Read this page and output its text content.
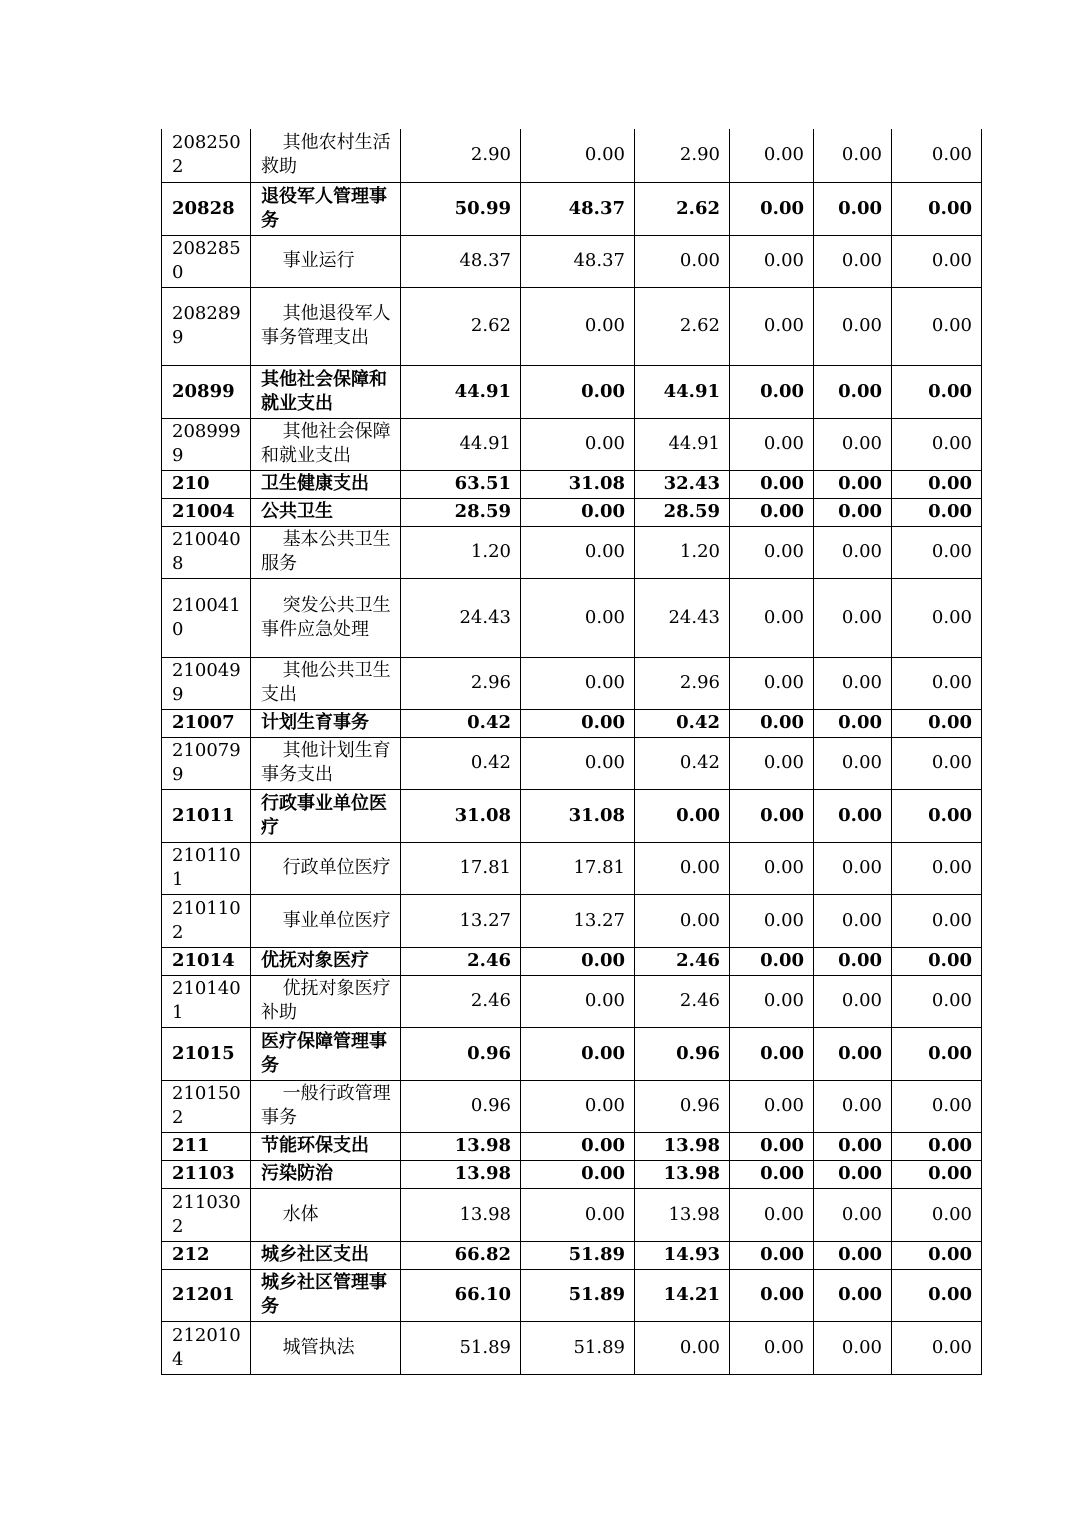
2082502	其他农村生活救助	2.90	0.00	2.90	0.00	0.00	0.00
20828	退役军人管理事务	50.99	48.37	2.62	0.00	0.00	0.00
2082850	事业运行	48.37	48.37	0.00	0.00	0.00	0.00
2082899	其他退役军人事务管理支出	2.62	0.00	2.62	0.00	0.00	0.00
20899	其他社会保障和就业支出	44.91	0.00	44.91	0.00	0.00	0.00
2089999	其他社会保障和就业支出	44.91	0.00	44.91	0.00	0.00	0.00
210	卫生健康支出	63.51	31.08	32.43	0.00	0.00	0.00
21004	公共卫生	28.59	0.00	28.59	0.00	0.00	0.00
2100408	基本公共卫生服务	1.20	0.00	1.20	0.00	0.00	0.00
2100410	突发公共卫生事件应急处理	24.43	0.00	24.43	0.00	0.00	0.00
2100499	其他公共卫生支出	2.96	0.00	2.96	0.00	0.00	0.00
21007	计划生育事务	0.42	0.00	0.42	0.00	0.00	0.00
2100799	其他计划生育事务支出	0.42	0.00	0.42	0.00	0.00	0.00
21011	行政事业单位医疗	31.08	31.08	0.00	0.00	0.00	0.00
2101101	行政单位医疗	17.81	17.81	0.00	0.00	0.00	0.00
2101102	事业单位医疗	13.27	13.27	0.00	0.00	0.00	0.00
21014	优抚对象医疗	2.46	0.00	2.46	0.00	0.00	0.00
2101401	优抚对象医疗补助	2.46	0.00	2.46	0.00	0.00	0.00
21015	医疗保障管理事务	0.96	0.00	0.96	0.00	0.00	0.00
2101502	一般行政管理事务	0.96	0.00	0.96	0.00	0.00	0.00
211	节能环保支出	13.98	0.00	13.98	0.00	0.00	0.00
21103	污染防治	13.98	0.00	13.98	0.00	0.00	0.00
2110302	水体	13.98	0.00	13.98	0.00	0.00	0.00
212	城乡社区支出	66.82	51.89	14.93	0.00	0.00	0.00
21201	城乡社区管理事务	66.10	51.89	14.21	0.00	0.00	0.00
2120104	城管执法	51.89	51.89	0.00	0.00	0.00	0.00
